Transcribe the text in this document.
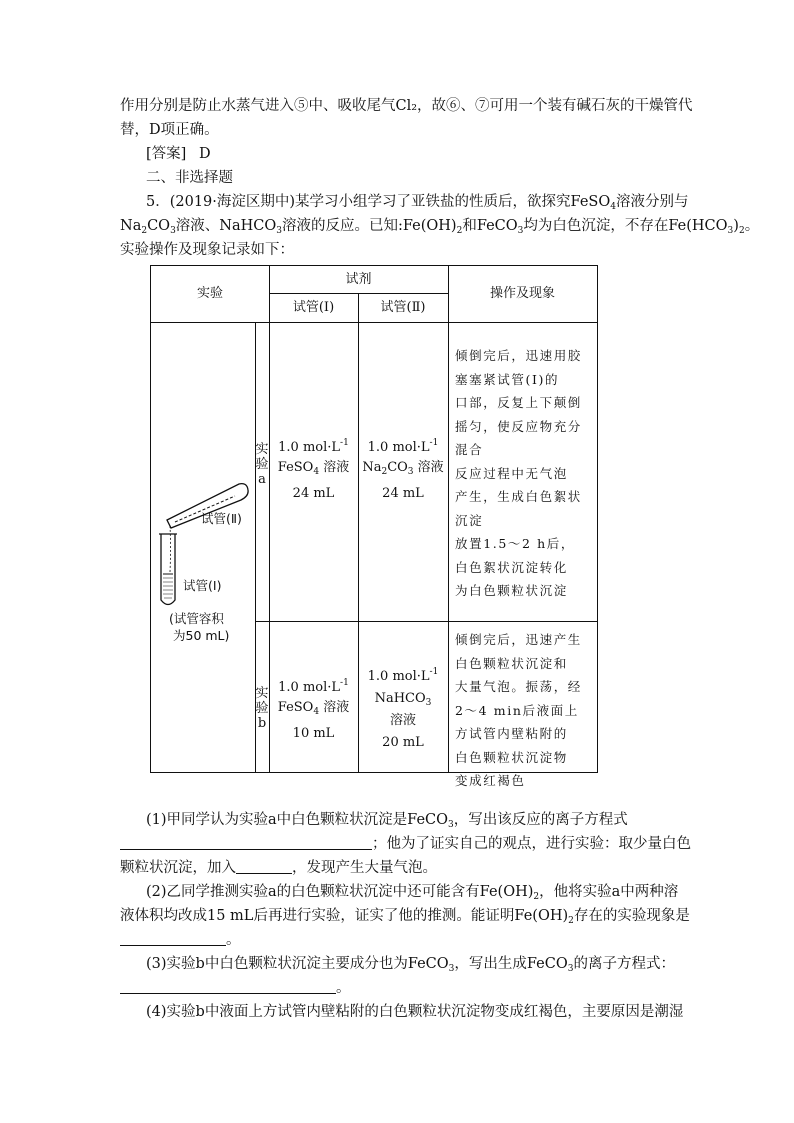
作用分别是防止水蒸气进入⑤中、吸收尾气Cl₂，故⑥、⑦可用一个装有碱石灰的干燥管代
替，D项正确。
[答案] D
二、非选择题
5．(2019·海淀区期中)某学习小组学习了亚铁盐的性质后，欲探究FeSO$_4$溶液分别与
$Na_2CO_3$溶液、NaHCO$_3$溶液的反应。已知$:Fe(OH)_2$和FeCO$_3$均为白色沉淀，不存在$Fe(HCO_3)_2$。
实验操作及现象记录如下：
实验
试剂
试管(Ⅰ)	试管(Ⅱ)
操作及现象
试管(Ⅱ)
试管(Ⅰ)
(试管容积
为50 mL)
实
验
a
1.0 $mol\cdot L^{-1}$
FeSO$_4$ 溶液
24 mL
1.0 $mol\cdot L^{-1}$
$Na_2CO_3$ 溶液
24 mL
倾倒完后，迅速用胶
塞塞紧试管(Ⅰ)的
口部，反复上下颠倒
摇匀，使反应物充分
混合
反应过程中无气泡
产生，生成白色絮状
沉淀
放置1.5～2 h后，
白色絮状沉淀转化
为白色颗粒状沉淀
实
验
b
1.0 $mol\cdot L^{-1}$
FeSO$_4$ 溶液
10 mL
1.0 $mol\cdot L^{-1}$
NaHCO$_3$
溶液
20 mL
倾倒完后，迅速产生
白色颗粒状沉淀和
大量气泡。振荡，经
2～4 min后液面上
方试管内壁粘附的
白色颗粒状沉淀物
变成红褐色
(1)甲同学认为实验a中白色颗粒状沉淀是FeCO$_3$，写出该反应的离子方程式
；他为了证实自己的观点，进行实验：取少量白色
颗粒状沉淀，加入	，发现产生大量气泡。
(2)乙同学推测实验a的白色颗粒状沉淀中还可能含有$Fe(OH)_2$，他将实验a中两种溶
液体积均改成15 mL后再进行实验，证实了他的推测。能证明$Fe(OH)_2$存在的实验现象是
。
(3)实验b中白色颗粒状沉淀主要成分也为FeCO$_3$，写出生成FeCO$_3$的离子方程式：
。
(4)实验b中液面上方试管内壁粘附的白色颗粒状沉淀物变成红褐色，主要原因是潮湿
